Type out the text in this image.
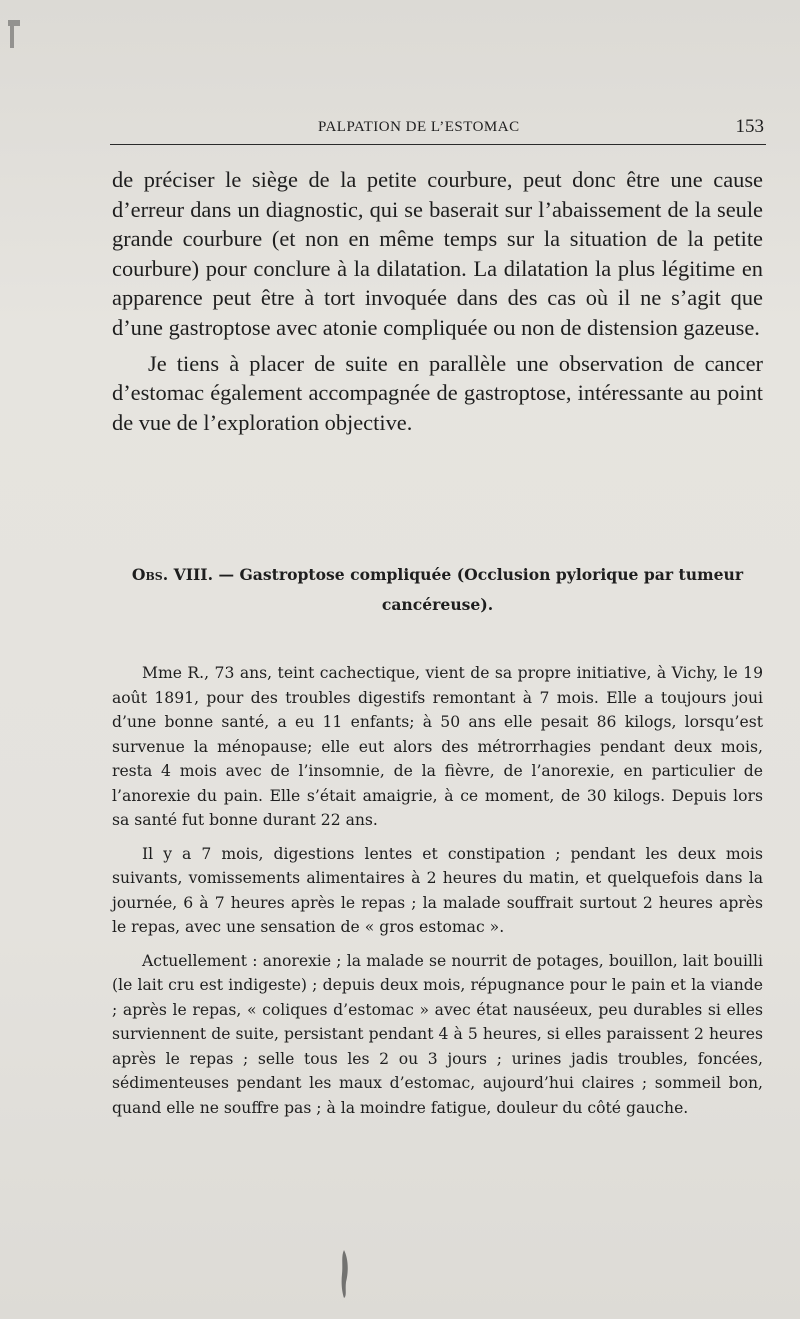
PALPATION DE L’ESTOMAC	153

de préciser le siège de la petite courbure, peut donc être une cause d’erreur dans un diagnostic, qui se baserait sur l’abaissement de la seule grande courbure (et non en même temps sur la situation de la petite courbure) pour conclure à la dilatation. La dilatation la plus légitime en apparence peut être à tort invoquée dans des cas où il ne s’agit que d’une gastroptose avec atonie compliquée ou non de distension gazeuse.

Je tiens à placer de suite en parallèle une observation de cancer d’estomac également accompagnée de gastroptose, intéressante au point de vue de l’exploration objective.

Obs. VIII. — Gastroptose compliquée (Occlusion pylorique par tumeur cancéreuse).

Mme R., 73 ans, teint cachectique, vient de sa propre initiative, à Vichy, le 19 août 1891, pour des troubles digestifs remontant à 7 mois. Elle a toujours joui d’une bonne santé, a eu 11 enfants; à 50 ans elle pesait 86 kilogs, lorsqu’est survenue la ménopause; elle eut alors des métrorrhagies pendant deux mois, resta 4 mois avec de l’insomnie, de la fièvre, de l’anorexie, en particulier de l’anorexie du pain. Elle s’était amaigrie, à ce moment, de 30 kilogs. Depuis lors sa santé fut bonne durant 22 ans.

Il y a 7 mois, digestions lentes et constipation ; pendant les deux mois suivants, vomissements alimentaires à 2 heures du matin, et quelquefois dans la journée, 6 à 7 heures après le repas ; la malade souffrait surtout 2 heures après le repas, avec une sensation de « gros estomac ».

Actuellement : anorexie ; la malade se nourrit de potages, bouillon, lait bouilli (le lait cru est indigeste) ; depuis deux mois, répugnance pour le pain et la viande ; après le repas, « coliques d’estomac » avec état nauséeux, peu durables si elles surviennent de suite, persistant pendant 4 à 5 heures, si elles paraissent 2 heures après le repas ; selle tous les 2 ou 3 jours ; urines jadis troubles, foncées, sédimenteuses pendant les maux d’estomac, aujourd’hui claires ; sommeil bon, quand elle ne souffre pas ; à la moindre fatigue, douleur du côté gauche.
